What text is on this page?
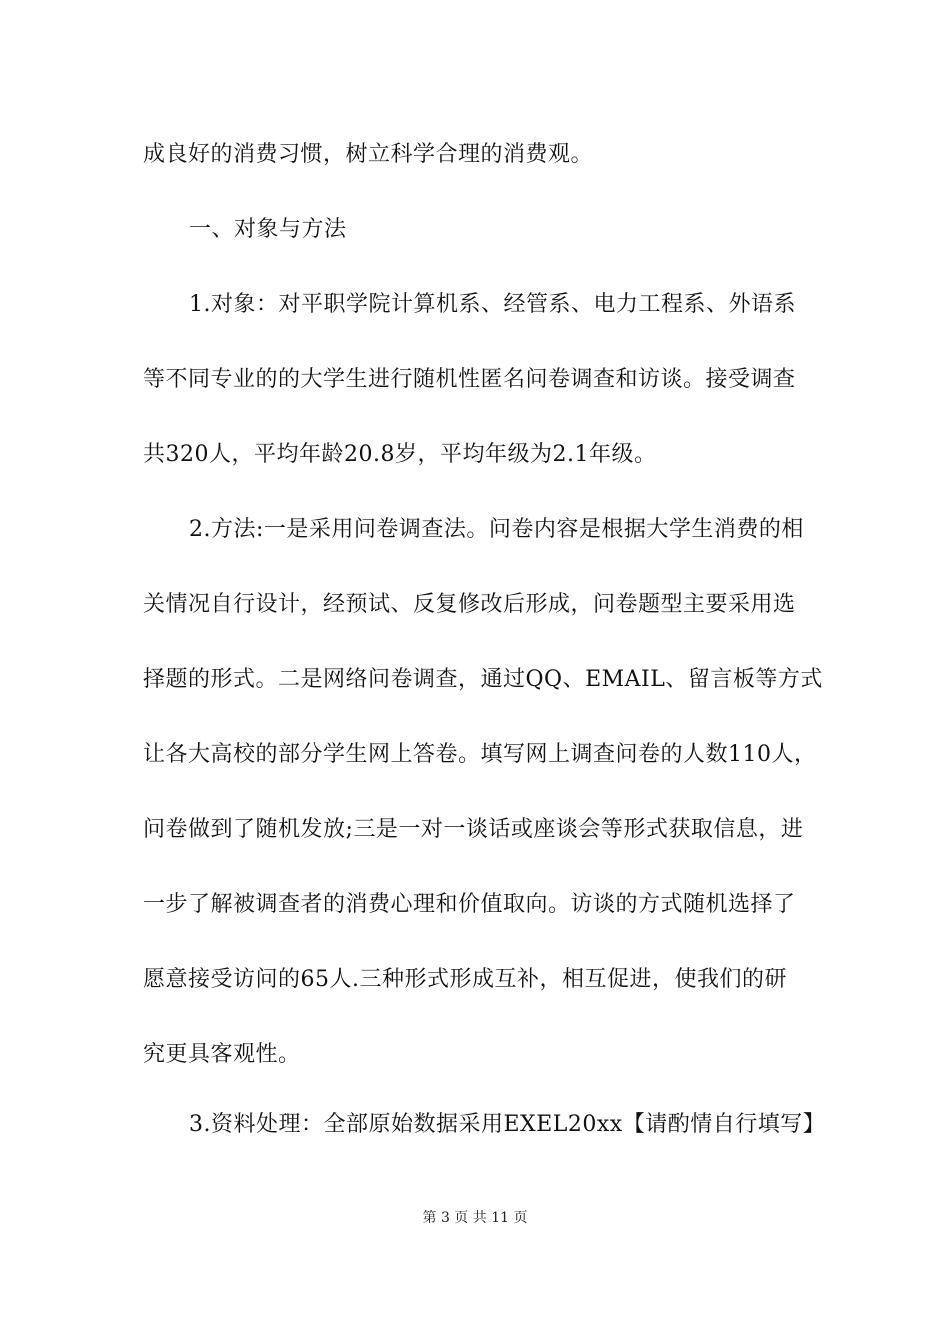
成良好的消费习惯，树立科学合理的消费观。
一、对象与方法
1.对象：对平职学院计算机系、经管系、电力工程系、外语系
等不同专业的的大学生进行随机性匿名问卷调查和访谈。接受调查
共320人，平均年龄20.8岁，平均年级为2.1年级。
2.方法:一是采用问卷调查法。问卷内容是根据大学生消费的相
关情况自行设计，经预试、反复修改后形成，问卷题型主要采用选
择题的形式。二是网络问卷调查，通过QQ、EMAIL、留言板等方式
让各大高校的部分学生网上答卷。填写网上调查问卷的人数110人，
问卷做到了随机发放;三是一对一谈话或座谈会等形式获取信息，进
一步了解被调查者的消费心理和价值取向。访谈的方式随机选择了
愿意接受访问的65人.三种形式形成互补，相互促进，使我们的研
究更具客观性。
3.资料处理：全部原始数据采用EXEL20xx【请酌情自行填写】
第 3 页 共 11 页
